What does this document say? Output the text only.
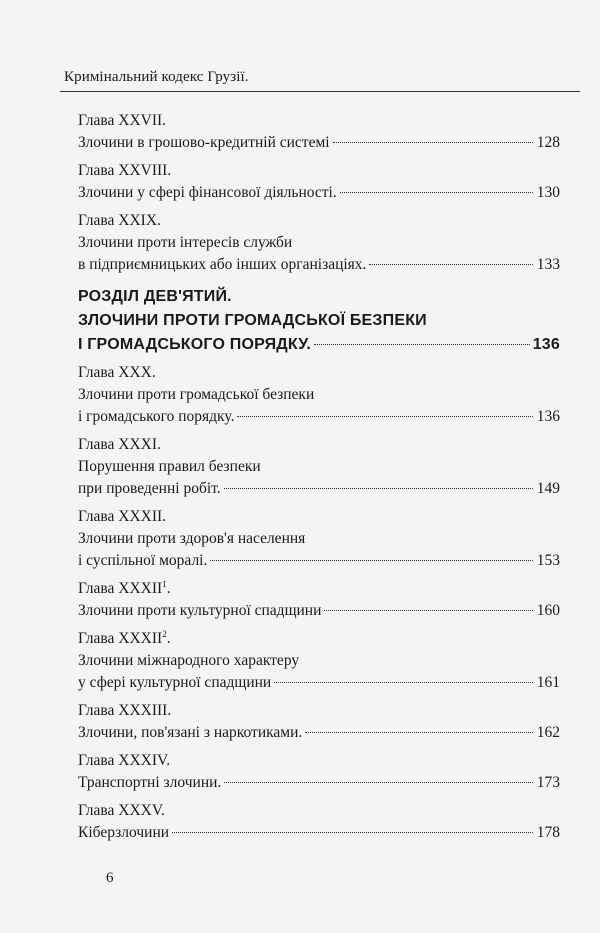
Кримінальний кодекс Грузії.
Глава XXVII.
Злочини в грошово-кредитній системі	128
Глава XXVIII.
Злочини у сфері фінансової діяльності.	130
Глава XXIX.
Злочини проти інтересів служби
в підприємницьких або інших організаціях.	133
РОЗДІЛ ДЕВ'ЯТИЙ.
ЗЛОЧИНИ ПРОТИ ГРОМАДСЬКОЇ БЕЗПЕКИ
І ГРОМАДСЬКОГО ПОРЯДКУ.	136
Глава XXX.
Злочини проти громадської безпеки
і громадського порядку.	136
Глава XXXI.
Порушення правил безпеки
при проведенні робіт.	149
Глава XXXII.
Злочини проти здоров'я населення
і суспільної моралі.	153
Глава XXXII$^1$.
Злочини проти культурної спадщини	160
Глава XXXII$^2$.
Злочини міжнародного характеру
у сфері культурної спадщини	161
Глава XXXIII.
Злочини, пов'язані з наркотиками.	162
Глава XXXIV.
Транспортні злочини.	173
Глава XXXV.
Кіберзлочини	178
6
